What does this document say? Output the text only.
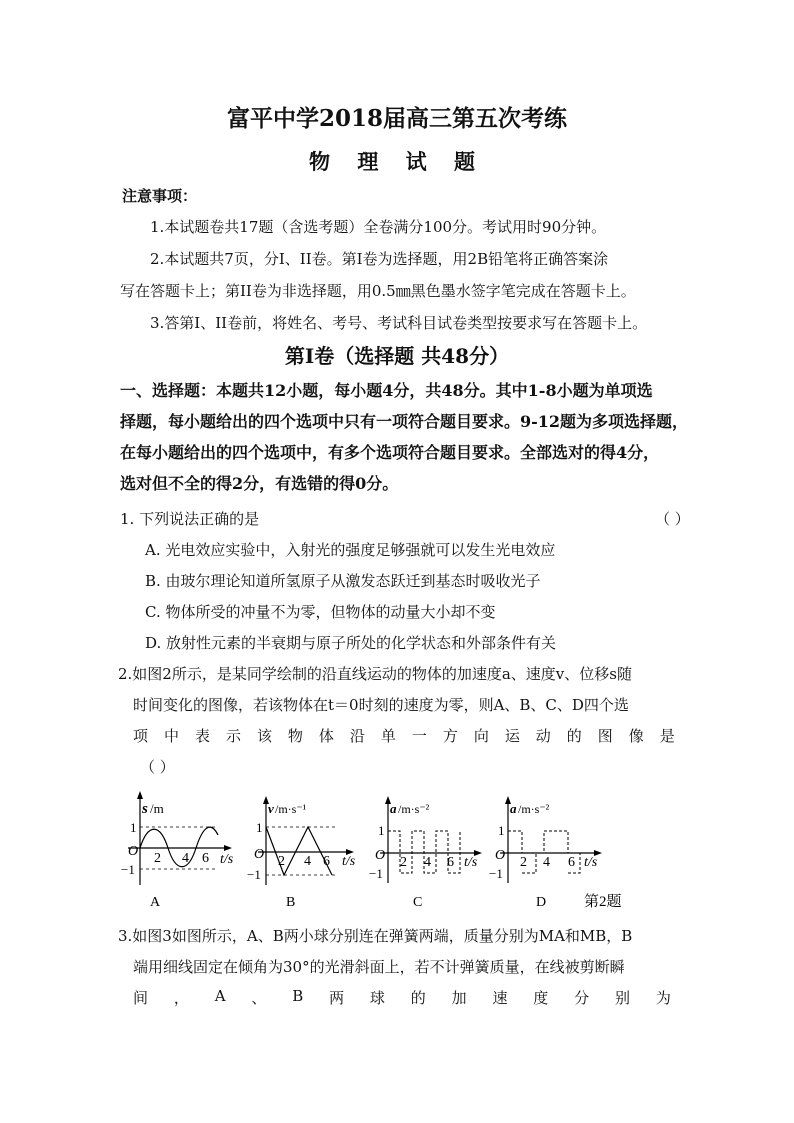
富平中学2018届高三第五次考练
物 理 试 题
注意事项：
1.本试题卷共17题（含选考题）全卷满分100分。考试用时90分钟。
2.本试题共7页，分Ⅰ、II卷。第Ⅰ卷为选择题，用2B铅笔将正确答案涂
写在答题卡上；第II卷为非选择题，用0.5㎜黑色墨水签字笔完成在答题卡上。
3.答第Ⅰ、II卷前，将姓名、考号、考试科目试卷类型按要求写在答题卡上。
第Ⅰ卷（选择题 共48分）
一、选择题：本题共12小题，每小题4分，共48分。其中1-8小题为单项选
择题，每小题给出的四个选项中只有一项符合题目要求。9-12题为多项选择题，
在每小题给出的四个选项中，有多个选项符合题目要求。全部选对的得4分，
选对但不全的得2分，有选错的得0分。
1. 下列说法正确的是	（ ）
A. 光电效应实验中，入射光的强度足够强就可以发生光电效应
B. 由玻尔理论知道所氢原子从激发态跃迁到基态时吸收光子
C. 物体所受的冲量不为零，但物体的动量大小却不变
D. 放射性元素的半衰期与原子所处的化学状态和外部条件有关
2.如图2所示，是某同学绘制的沿直线运动的物体的加速度a、速度v、位移s随
时间变化的图像，若该物体在t＝0时刻的速度为零，则A、B、C、D四个选
项 中 表 示 该 物 体 沿 单 一 方 向 运 动 的 图 像 是
（ ）
s /m
1
−1
O 2 4 6 t/s
A
v /m·s⁻¹
1
−1
O 2 4 6 t/s
B
a /m·s⁻²
1
−1
O 2 4 6 t/s
C
a /m·s⁻²
1
−1
O 2 4 6 t/s
D	第2题
3.如图3如图所示，A、B两小球分别连在弹簧两端，质量分别为MA和MB，B
端用细线固定在倾角为30°的光滑斜面上，若不计弹簧质量，在线被剪断瞬
间 ， A 、 B 两 球 的 加 速 度 分 别 为
